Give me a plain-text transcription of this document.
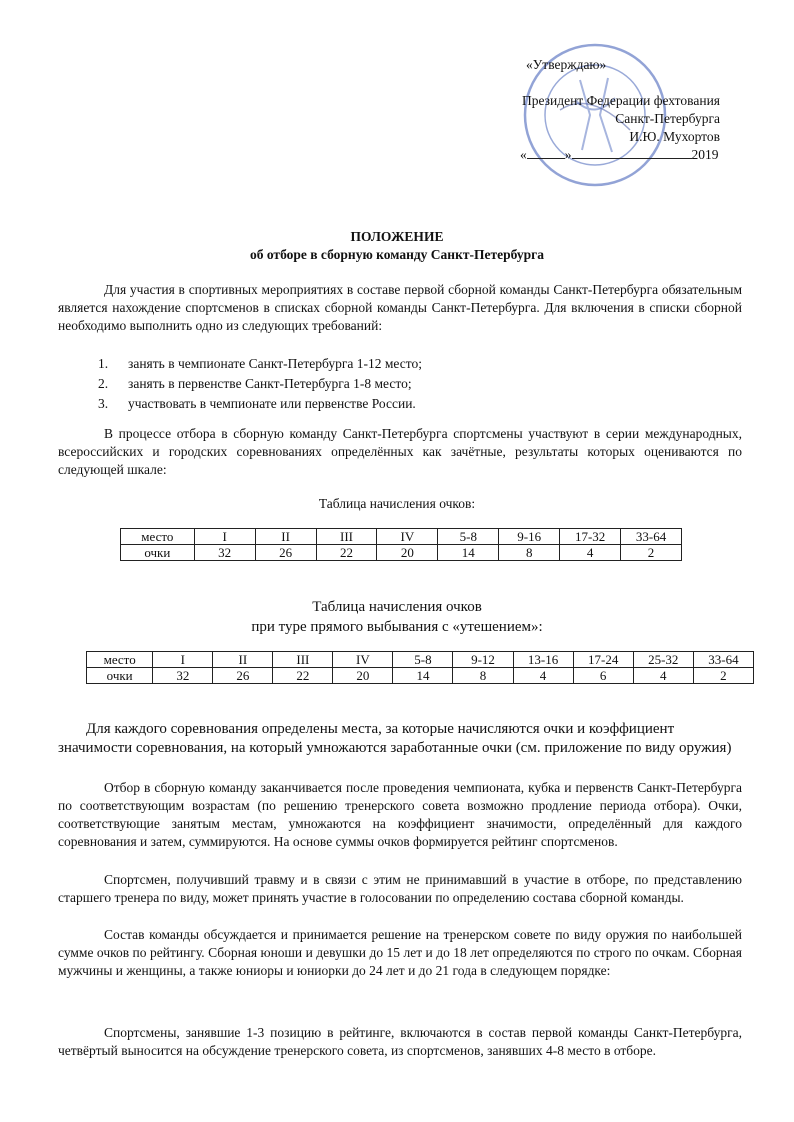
«Утверждаю»
Президент Федерации фехтования
Санкт-Петербурга
И.Ю. Мухортов
«	»	2019
ПОЛОЖЕНИЕ
об отборе в сборную команду Санкт-Петербурга

Для участия в спортивных мероприятиях в составе первой сборной команды Санкт-Петербурга обязательным является нахождение спортсменов в списках сборной команды Санкт-Петербурга. Для включения в списки сборной необходимо выполнить одно из следующих требований:

1. занять в чемпионате Санкт-Петербурга 1-12 место;
2. занять в первенстве Санкт-Петербурга 1-8 место;
3. участвовать в чемпионате или первенстве России.

В процессе отбора в сборную команду Санкт-Петербурга спортсмены участвуют в серии международных, всероссийских и городских соревнованиях определённых как зачётные, результаты которых оцениваются по следующей шкале:

Таблица начисления очков:
место	I	II	III	IV	5-8	9-16	17-32	33-64
очки	32	26	22	20	14	8	4	2
Таблица начисления очков
при туре прямого выбывания с «утешением»:
место	I	II	III	IV	5-8	9-12	13-16	17-24	25-32	33-64
очки	32	26	22	20	14	8	4	6	4	2

Для каждого соревнования определены места, за которые начисляются очки и коэффициент

значимости соревнования, на который умножаются заработанные очки (см. приложение по виду оружия)

Отбор в сборную команду заканчивается после проведения чемпионата, кубка и первенств Санкт-Петербурга по соответствующим возрастам (по решению тренерского совета возможно продление периода отбора). Очки, соответствующие занятым местам, умножаются на коэффициент значимости, определённый для каждого соревнования и затем, суммируются. На основе суммы очков формируется рейтинг спортсменов.

Спортсмен, получивший травму и в связи с этим не принимавший в участие в отборе, по представлению старшего тренера по виду, может принять участие в голосовании по определению состава сборной команды.

Состав команды обсуждается и принимается решение на тренерском совете по виду оружия по наибольшей сумме очков по рейтингу. Сборная юноши и девушки до 15 лет и до 18 лет определяются по строго по очкам. Сборная мужчины и женщины, а также юниоры и юниорки до 24 лет и до 21 года в следующем порядке:

Спортсмены, занявшие 1-3 позицию в рейтинге, включаются в состав первой команды Санкт-Петербурга, четвёртый выносится на обсуждение тренерского совета, из спортсменов, занявших 4-8 место в отборе.
